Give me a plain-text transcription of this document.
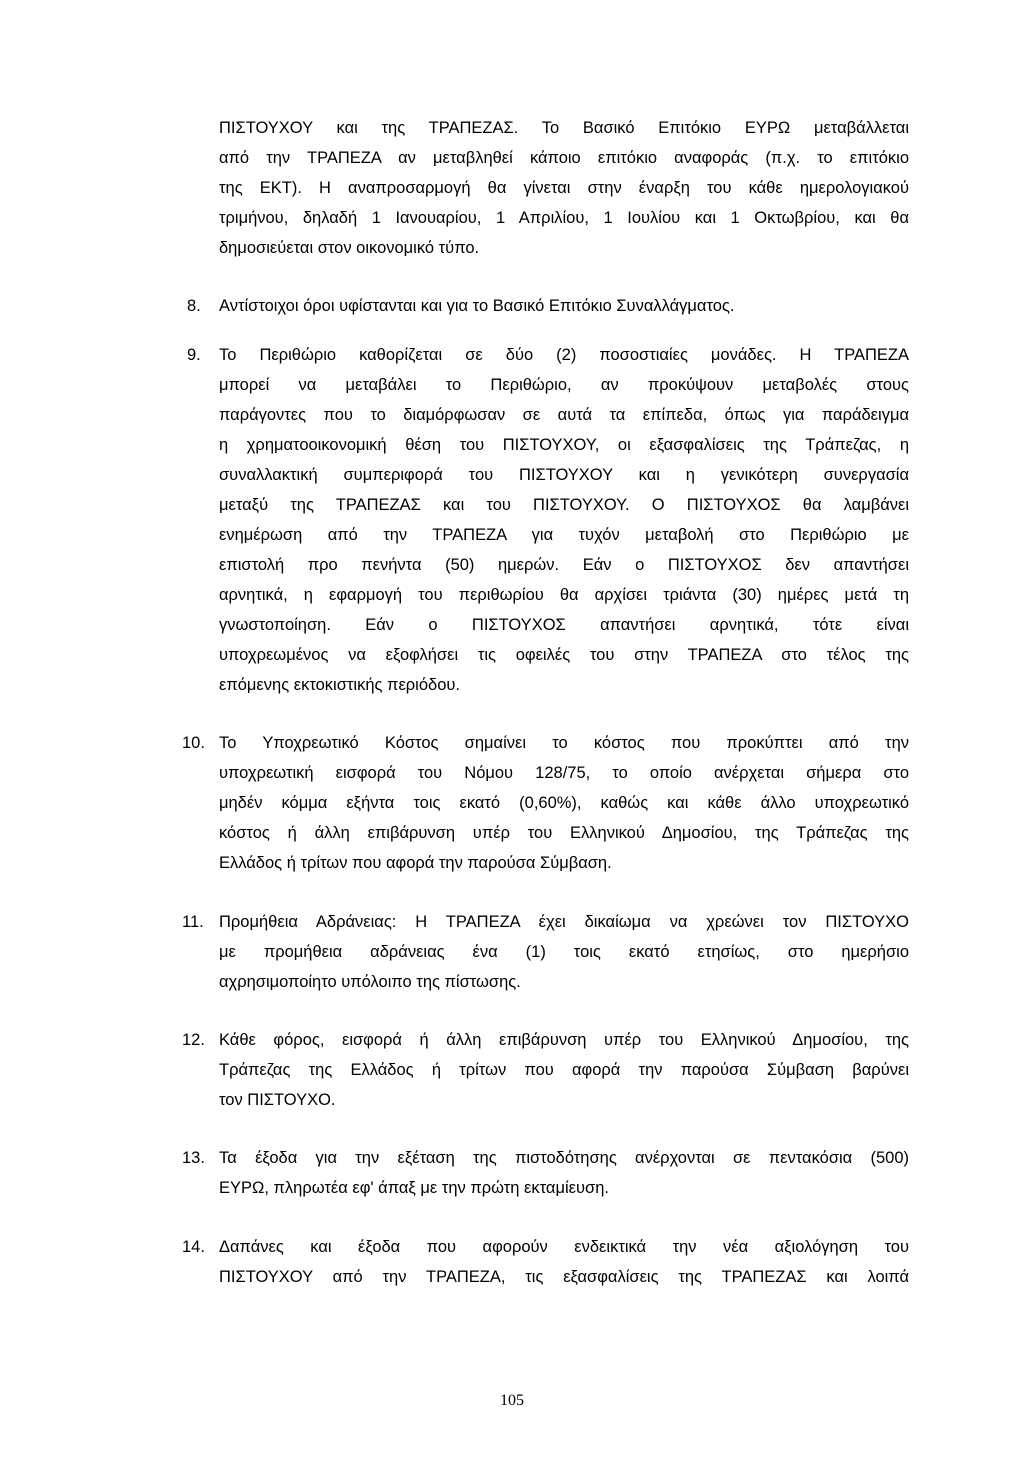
ΠΙΣΤΟΥΧΟΥ και της ΤΡΑΠΕΖΑΣ. Το Βασικό Επιτόκιο ΕΥΡΩ μεταβάλλεται
από την ΤΡΑΠΕΖΑ αν μεταβληθεί κάποιο επιτόκιο αναφοράς (π.χ. το επιτόκιο
της ΕΚΤ). Η αναπροσαρμογή θα γίνεται στην έναρξη του κάθε ημερολογιακού
τριμήνου, δηλαδή 1 Ιανουαρίου, 1 Απριλίου, 1 Ιουλίου και 1 Οκτωβρίου, και θα
δημοσιεύεται στον οικονομικό τύπο.
8. Αντίστοιχοι όροι υφίστανται και για το Βασικό Επιτόκιο Συναλλάγματος.
9. Το Περιθώριο καθορίζεται σε δύο (2) ποσοστιαίες μονάδες. Η ΤΡΑΠΕΖΑ
μπορεί να μεταβάλει το Περιθώριο, αν προκύψουν μεταβολές στους
παράγοντες που το διαμόρφωσαν σε αυτά τα επίπεδα, όπως για παράδειγμα
η χρηματοοικονομική θέση του ΠΙΣΤΟΥΧΟΥ, οι εξασφαλίσεις της Τράπεζας, η
συναλλακτική συμπεριφορά του ΠΙΣΤΟΥΧΟΥ και η γενικότερη συνεργασία
μεταξύ της ΤΡΑΠΕΖΑΣ και του ΠΙΣΤΟΥΧΟΥ. Ο ΠΙΣΤΟΥΧΟΣ θα λαμβάνει
ενημέρωση από την ΤΡΑΠΕΖΑ για τυχόν μεταβολή στο Περιθώριο με
επιστολή προ πενήντα (50) ημερών. Εάν ο ΠΙΣΤΟΥΧΟΣ δεν απαντήσει
αρνητικά, η εφαρμογή του περιθωρίου θα αρχίσει τριάντα (30) ημέρες μετά τη
γνωστοποίηση. Εάν ο ΠΙΣΤΟΥΧΟΣ απαντήσει αρνητικά, τότε είναι
υποχρεωμένος να εξοφλήσει τις οφειλές του στην ΤΡΑΠΕΖΑ στο τέλος της
επόμενης εκτοκιστικής περιόδου.
10. Το Υποχρεωτικό Κόστος σημαίνει το κόστος που προκύπτει από την
υποχρεωτική εισφορά του Νόμου 128/75, το οποίο ανέρχεται σήμερα στο
μηδέν κόμμα εξήντα τοις εκατό (0,60%), καθώς και κάθε άλλο υποχρεωτικό
κόστος ή άλλη επιβάρυνση υπέρ του Ελληνικού Δημοσίου, της Τράπεζας της
Ελλάδος ή τρίτων που αφορά την παρούσα Σύμβαση.
11. Προμήθεια Αδράνειας: Η ΤΡΑΠΕΖΑ έχει δικαίωμα να χρεώνει τον ΠΙΣΤΟΥΧΟ
με προμήθεια αδράνειας ένα (1) τοις εκατό ετησίως, στο ημερήσιο
αχρησιμοποίητο υπόλοιπο της πίστωσης.
12. Κάθε φόρος, εισφορά ή άλλη επιβάρυνση υπέρ του Ελληνικού Δημοσίου, της
Τράπεζας της Ελλάδος ή τρίτων που αφορά την παρούσα Σύμβαση βαρύνει
τον ΠΙΣΤΟΥΧΟ.
13. Τα έξοδα για την εξέταση της πιστοδότησης ανέρχονται σε πεντακόσια (500)
ΕΥΡΩ, πληρωτέα εφ' άπαξ με την πρώτη εκταμίευση.
14. Δαπάνες και έξοδα που αφορούν ενδεικτικά την νέα αξιολόγηση του
ΠΙΣΤΟΥΧΟΥ από την ΤΡΑΠΕΖΑ, τις εξασφαλίσεις της ΤΡΑΠΕΖΑΣ και λοιπά
105
